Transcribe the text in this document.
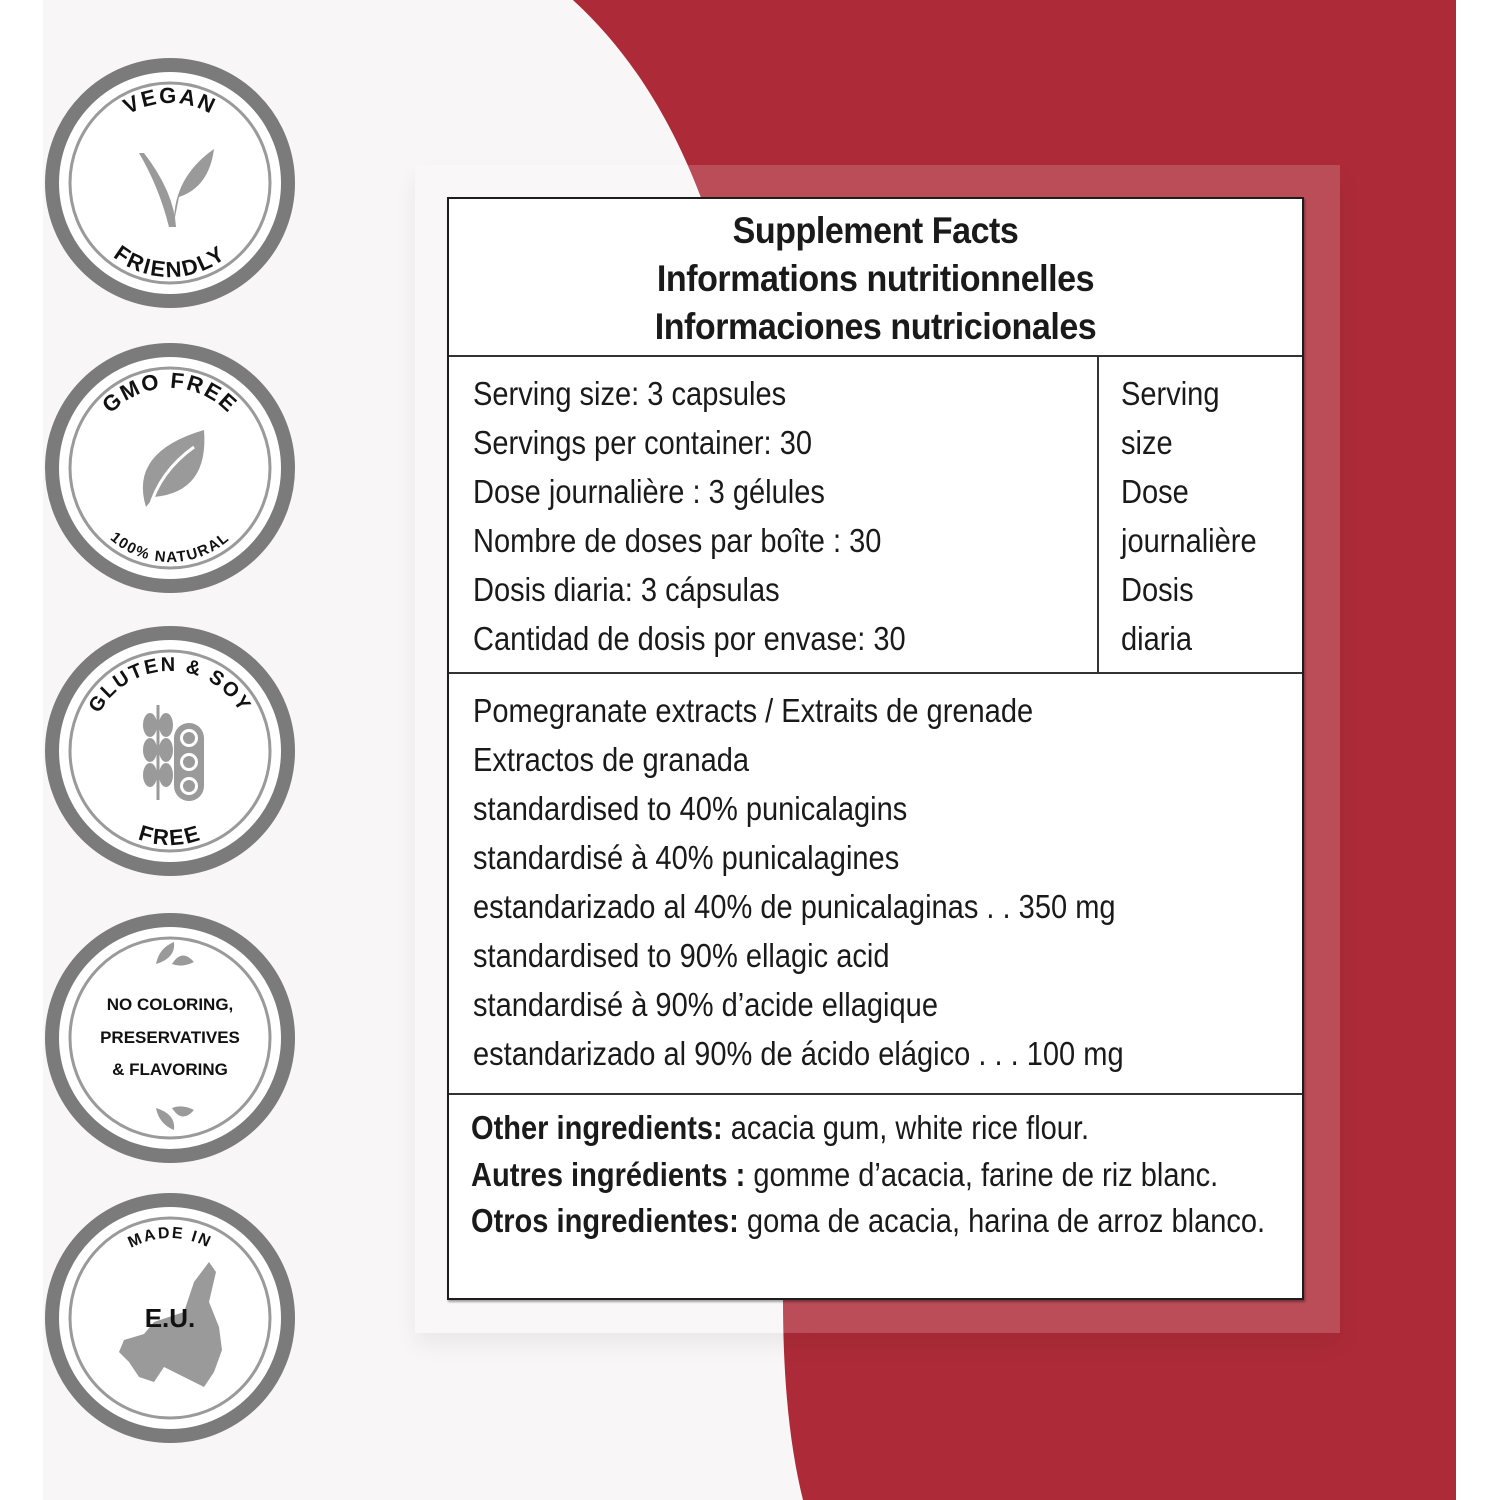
VEGAN
FRIENDLY
GMO FREE
100% NATURAL
GLUTEN & SOY
FREE
NO COLORING,
PRESERVATIVES
& FLAVORING
MADE IN
E.U.
Supplement Facts
Informations nutritionnelles
Informaciones nutricionales
Serving size: 3 capsules
Servings per container: 30
Dose journalière : 3 gélules
Nombre de doses par boîte : 30
Dosis diaria: 3 cápsulas
Cantidad de dosis por envase: 30
Serving
size
Dose
journalière
Dosis
diaria
Pomegranate extracts / Extraits de grenade
Extractos de granada
standardised to 40% punicalagins
standardisé à 40% punicalagines
estandarizado al 40% de punicalaginas . . 350 mg
standardised to 90% ellagic acid
standardisé à 90% d’acide ellagique
estandarizado al 90% de ácido elágico . . . 100 mg

Other ingredients: acacia gum, white rice flour.
Autres ingrédients : gomme d’acacia, farine de riz blanc. Otros ingredientes: goma de acacia, harina de arroz blanco.
